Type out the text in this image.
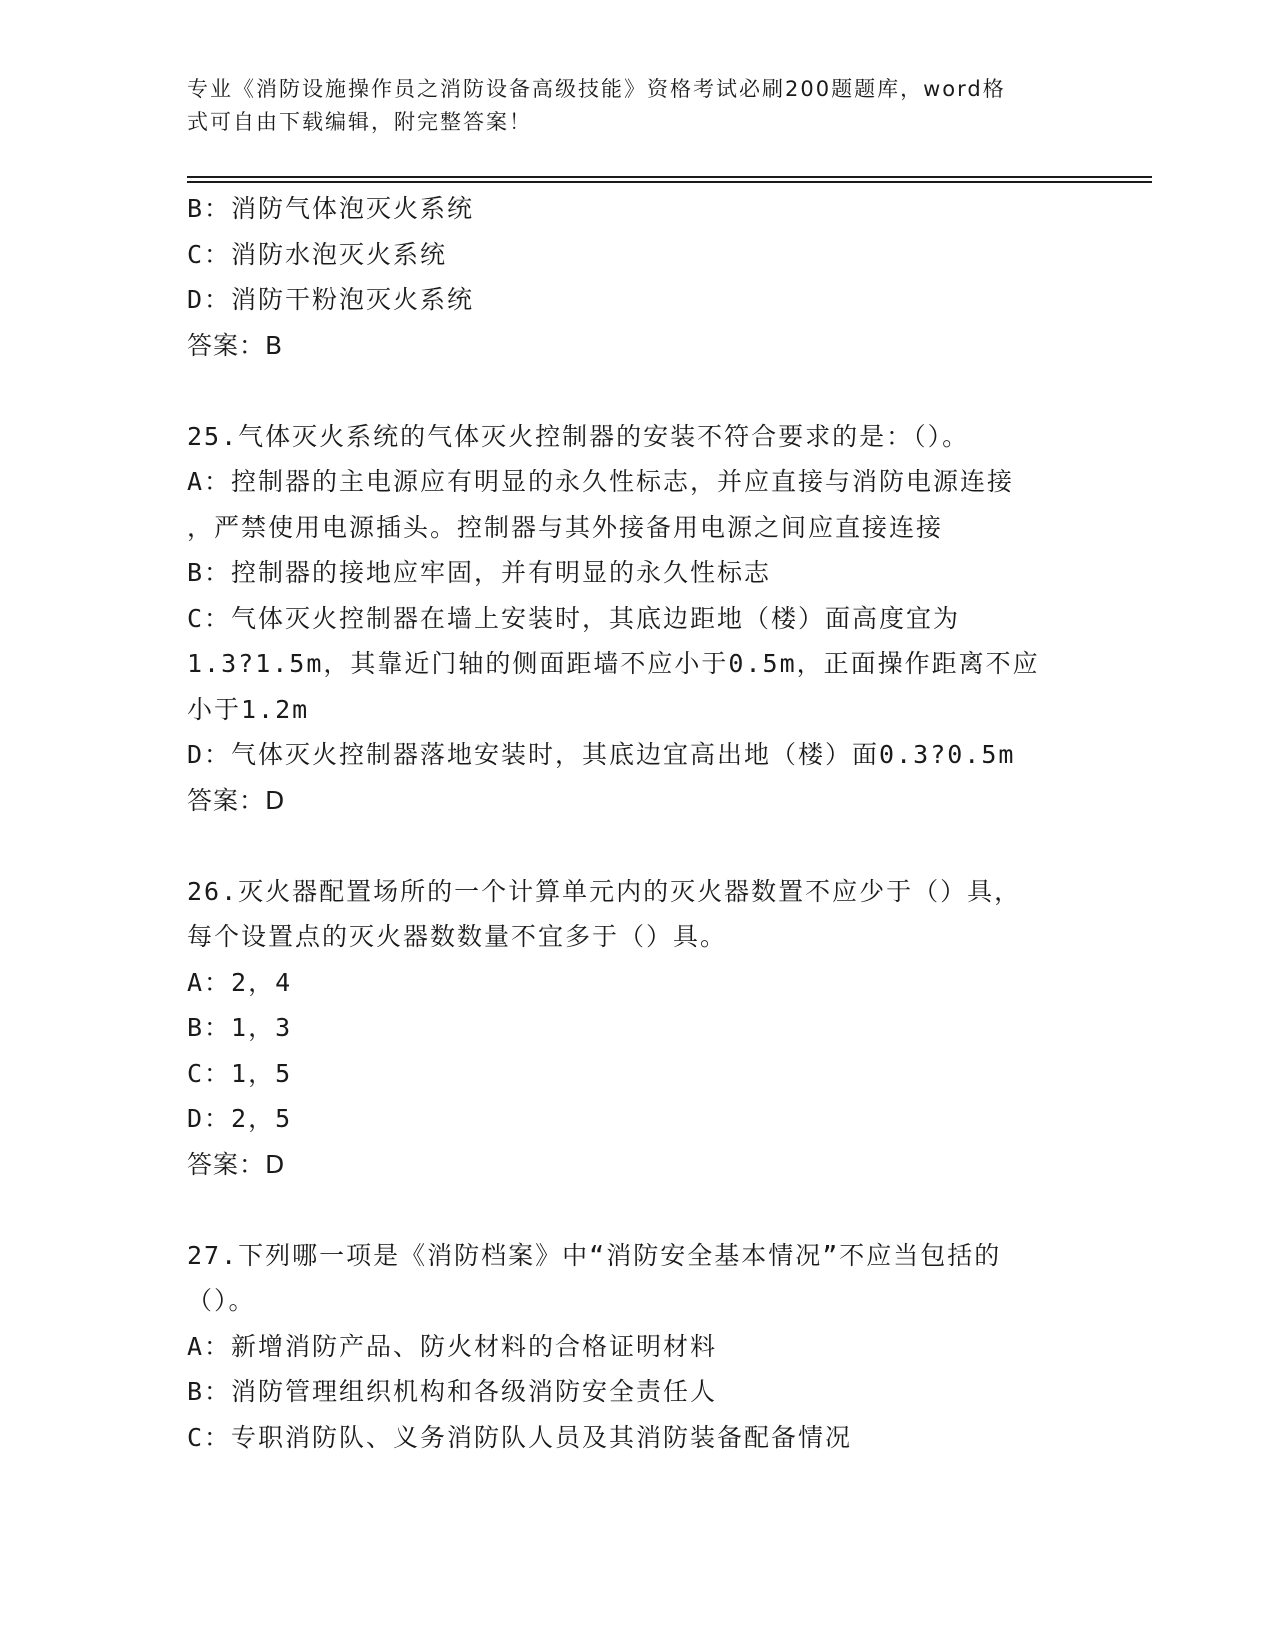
专业《消防设施操作员之消防设备高级技能》资格考试必刷200题题库，word格
式可自由下载编辑，附完整答案！

B：消防气体泡灭火系统

C：消防水泡灭火系统

D：消防干粉泡灭火系统

答案：B

25.气体灭火系统的气体灭火控制器的安装不符合要求的是：（）。

A：控制器的主电源应有明显的永久性标志，并应直接与消防电源连接

，严禁使用电源插头。控制器与其外接备用电源之间应直接连接

B：控制器的接地应牢固，并有明显的永久性标志

C：气体灭火控制器在墙上安装时，其底边距地（楼）面高度宜为

1.3?1.5m，其靠近门轴的侧面距墙不应小于0.5m，正面操作距离不应

小于1.2m

D：气体灭火控制器落地安装时，其底边宜高出地（楼）面0.3?0.5m

答案：D

26.灭火器配置场所的一个计算单元内的灭火器数置不应少于（）具，

每个设置点的灭火器数数量不宜多于（）具。

A：2，4

B：1，3

C：1，5

D：2，5

答案：D

27.下列哪一项是《消防档案》中“消防安全基本情况”不应当包括的

（）。

A：新增消防产品、防火材料的合格证明材料

B：消防管理组织机构和各级消防安全责任人

C：专职消防队、义务消防队人员及其消防装备配备情况
